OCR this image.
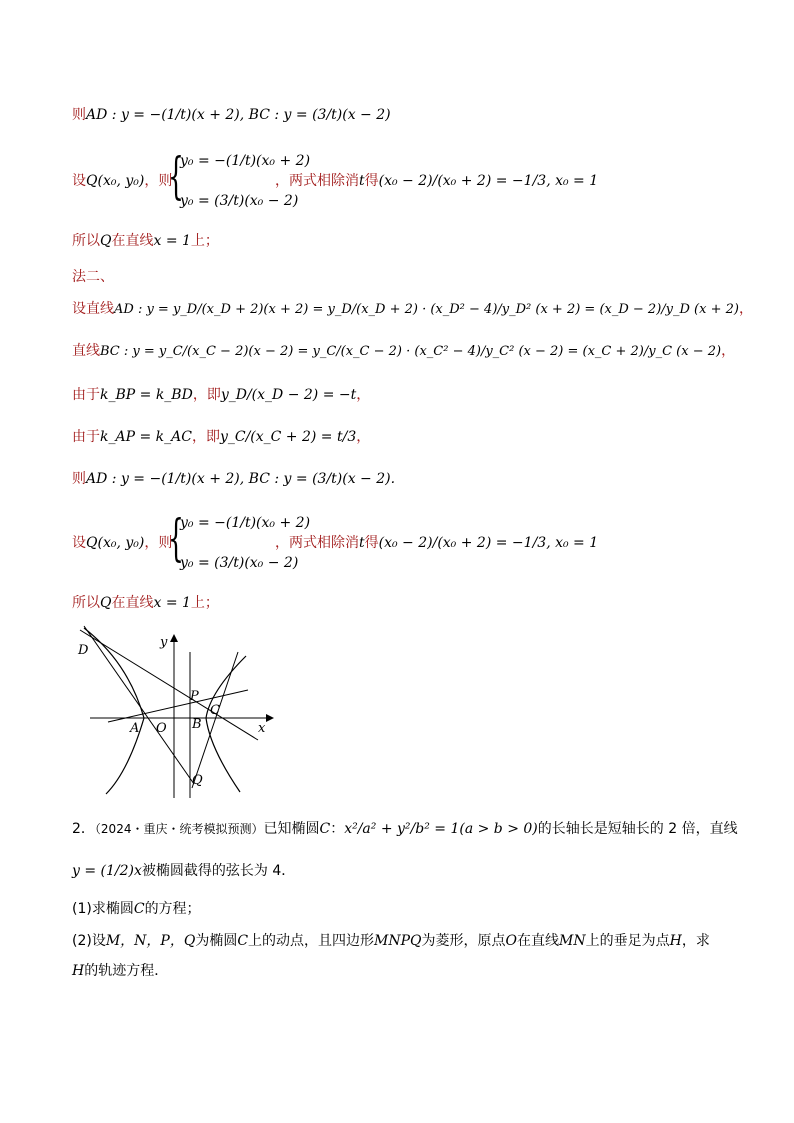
则AD : y = −(1/t)(x + 2), BC : y = (3/t)(x − 2)
设Q(x₀, y₀)，则
{
y₀ = −(1/t)(x₀ + 2)
y₀ = (3/t)(x₀ − 2)
，两式相除消t得(x₀ − 2)/(x₀ + 2) = −1/3, x₀ = 1
所以Q在直线x = 1上；
法二、
设直线AD : y = y_D/(x_D + 2)(x + 2) = y_D/(x_D + 2) · (x_D² − 4)/y_D² (x + 2) = (x_D − 2)/y_D (x + 2)，
直线BC : y = y_C/(x_C − 2)(x − 2) = y_C/(x_C − 2) · (x_C² − 4)/y_C² (x − 2) = (x_C + 2)/y_C (x − 2)，
由于k_BP = k_BD，即y_D/(x_D − 2) = −t，
由于k_AP = k_AC，即y_C/(x_C + 2) = t/3，
则AD : y = −(1/t)(x + 2), BC : y = (3/t)(x − 2).
设Q(x₀, y₀)，则
{
y₀ = −(1/t)(x₀ + 2)
y₀ = (3/t)(x₀ − 2)
，两式相除消t得(x₀ − 2)/(x₀ + 2) = −1/3, x₀ = 1
所以Q在直线x = 1上；
D
y
P
C
A O B	x
Q
2．（2024・重庆・统考模拟预测）已知椭圆C：x²/a² + y²/b² = 1(a > b > 0)的长轴长是短轴长的 2 倍，直线
y = (1/2)x被椭圆截得的弦长为 4．
(1)求椭圆C的方程；
(2)设M，N，P，Q为椭圆C上的动点，且四边形MNPQ为菱形，原点O在直线MN上的垂足为点H，求
H的轨迹方程．
